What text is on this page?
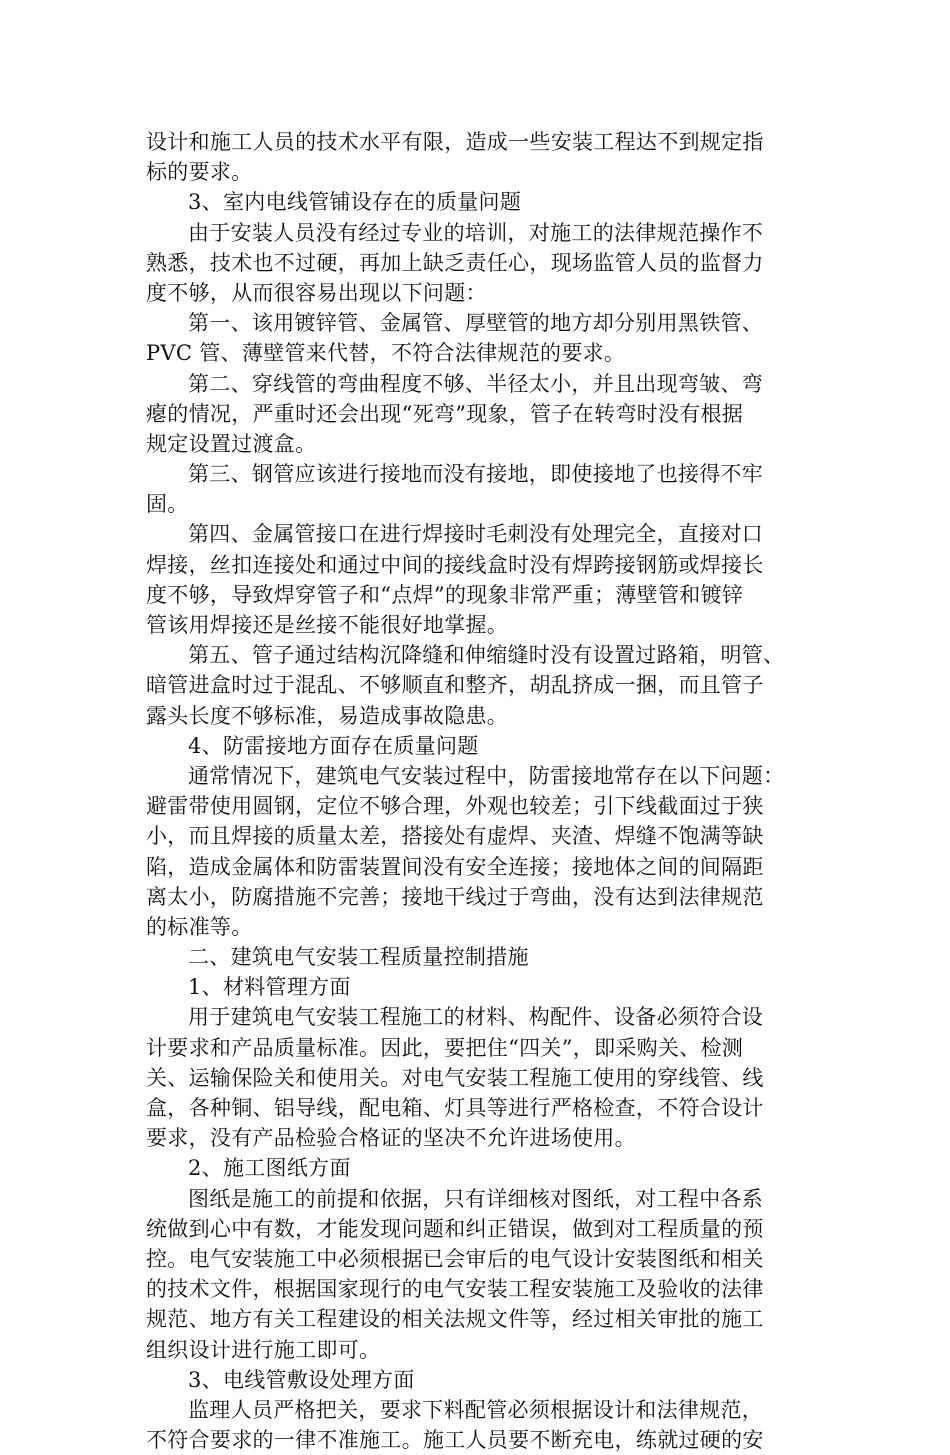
设计和施工人员的技术水平有限，造成一些安装工程达不到规定指
标的要求。
3、室内电线管铺设存在的质量问题
由于安装人员没有经过专业的培训，对施工的法律规范操作不
熟悉，技术也不过硬，再加上缺乏责任心，现场监管人员的监督力
度不够，从而很容易出现以下问题：
第一、该用镀锌管、金属管、厚壁管的地方却分别用黑铁管、
PVC 管、薄壁管来代替，不符合法律规范的要求。
第二、穿线管的弯曲程度不够、半径太小，并且出现弯皱、弯
瘪的情况，严重时还会出现“死弯”现象，管子在转弯时没有根据
规定设置过渡盒。
第三、钢管应该进行接地而没有接地，即使接地了也接得不牢
固。
第四、金属管接口在进行焊接时毛刺没有处理完全，直接对口
焊接，丝扣连接处和通过中间的接线盒时没有焊跨接钢筋或焊接长
度不够，导致焊穿管子和“点焊”的现象非常严重；薄壁管和镀锌
管该用焊接还是丝接不能很好地掌握。
第五、管子通过结构沉降缝和伸缩缝时没有设置过路箱，明管、
暗管进盒时过于混乱、不够顺直和整齐，胡乱挤成一捆，而且管子
露头长度不够标准，易造成事故隐患。
4、防雷接地方面存在质量问题
通常情况下，建筑电气安装过程中，防雷接地常存在以下问题：
避雷带使用圆钢，定位不够合理，外观也较差；引下线截面过于狭
小，而且焊接的质量太差，搭接处有虚焊、夹渣、焊缝不饱满等缺
陷，造成金属体和防雷装置间没有安全连接；接地体之间的间隔距
离太小，防腐措施不完善；接地干线过于弯曲，没有达到法律规范
的标准等。
二、建筑电气安装工程质量控制措施
1、材料管理方面
用于建筑电气安装工程施工的材料、构配件、设备必须符合设
计要求和产品质量标准。因此，要把住“四关”，即采购关、检测
关、运输保险关和使用关。对电气安装工程施工使用的穿线管、线
盒，各种铜、铝导线，配电箱、灯具等进行严格检查，不符合设计
要求，没有产品检验合格证的坚决不允许进场使用。
2、施工图纸方面
图纸是施工的前提和依据，只有详细核对图纸，对工程中各系
统做到心中有数，才能发现问题和纠正错误，做到对工程质量的预
控。电气安装施工中必须根据已会审后的电气设计安装图纸和相关
的技术文件，根据国家现行的电气安装工程安装施工及验收的法律
规范、地方有关工程建设的相关法规文件等，经过相关审批的施工
组织设计进行施工即可。
3、电线管敷设处理方面
监理人员严格把关，要求下料配管必须根据设计和法律规范，
不符合要求的一律不准施工。施工人员要不断充电，练就过硬的安
